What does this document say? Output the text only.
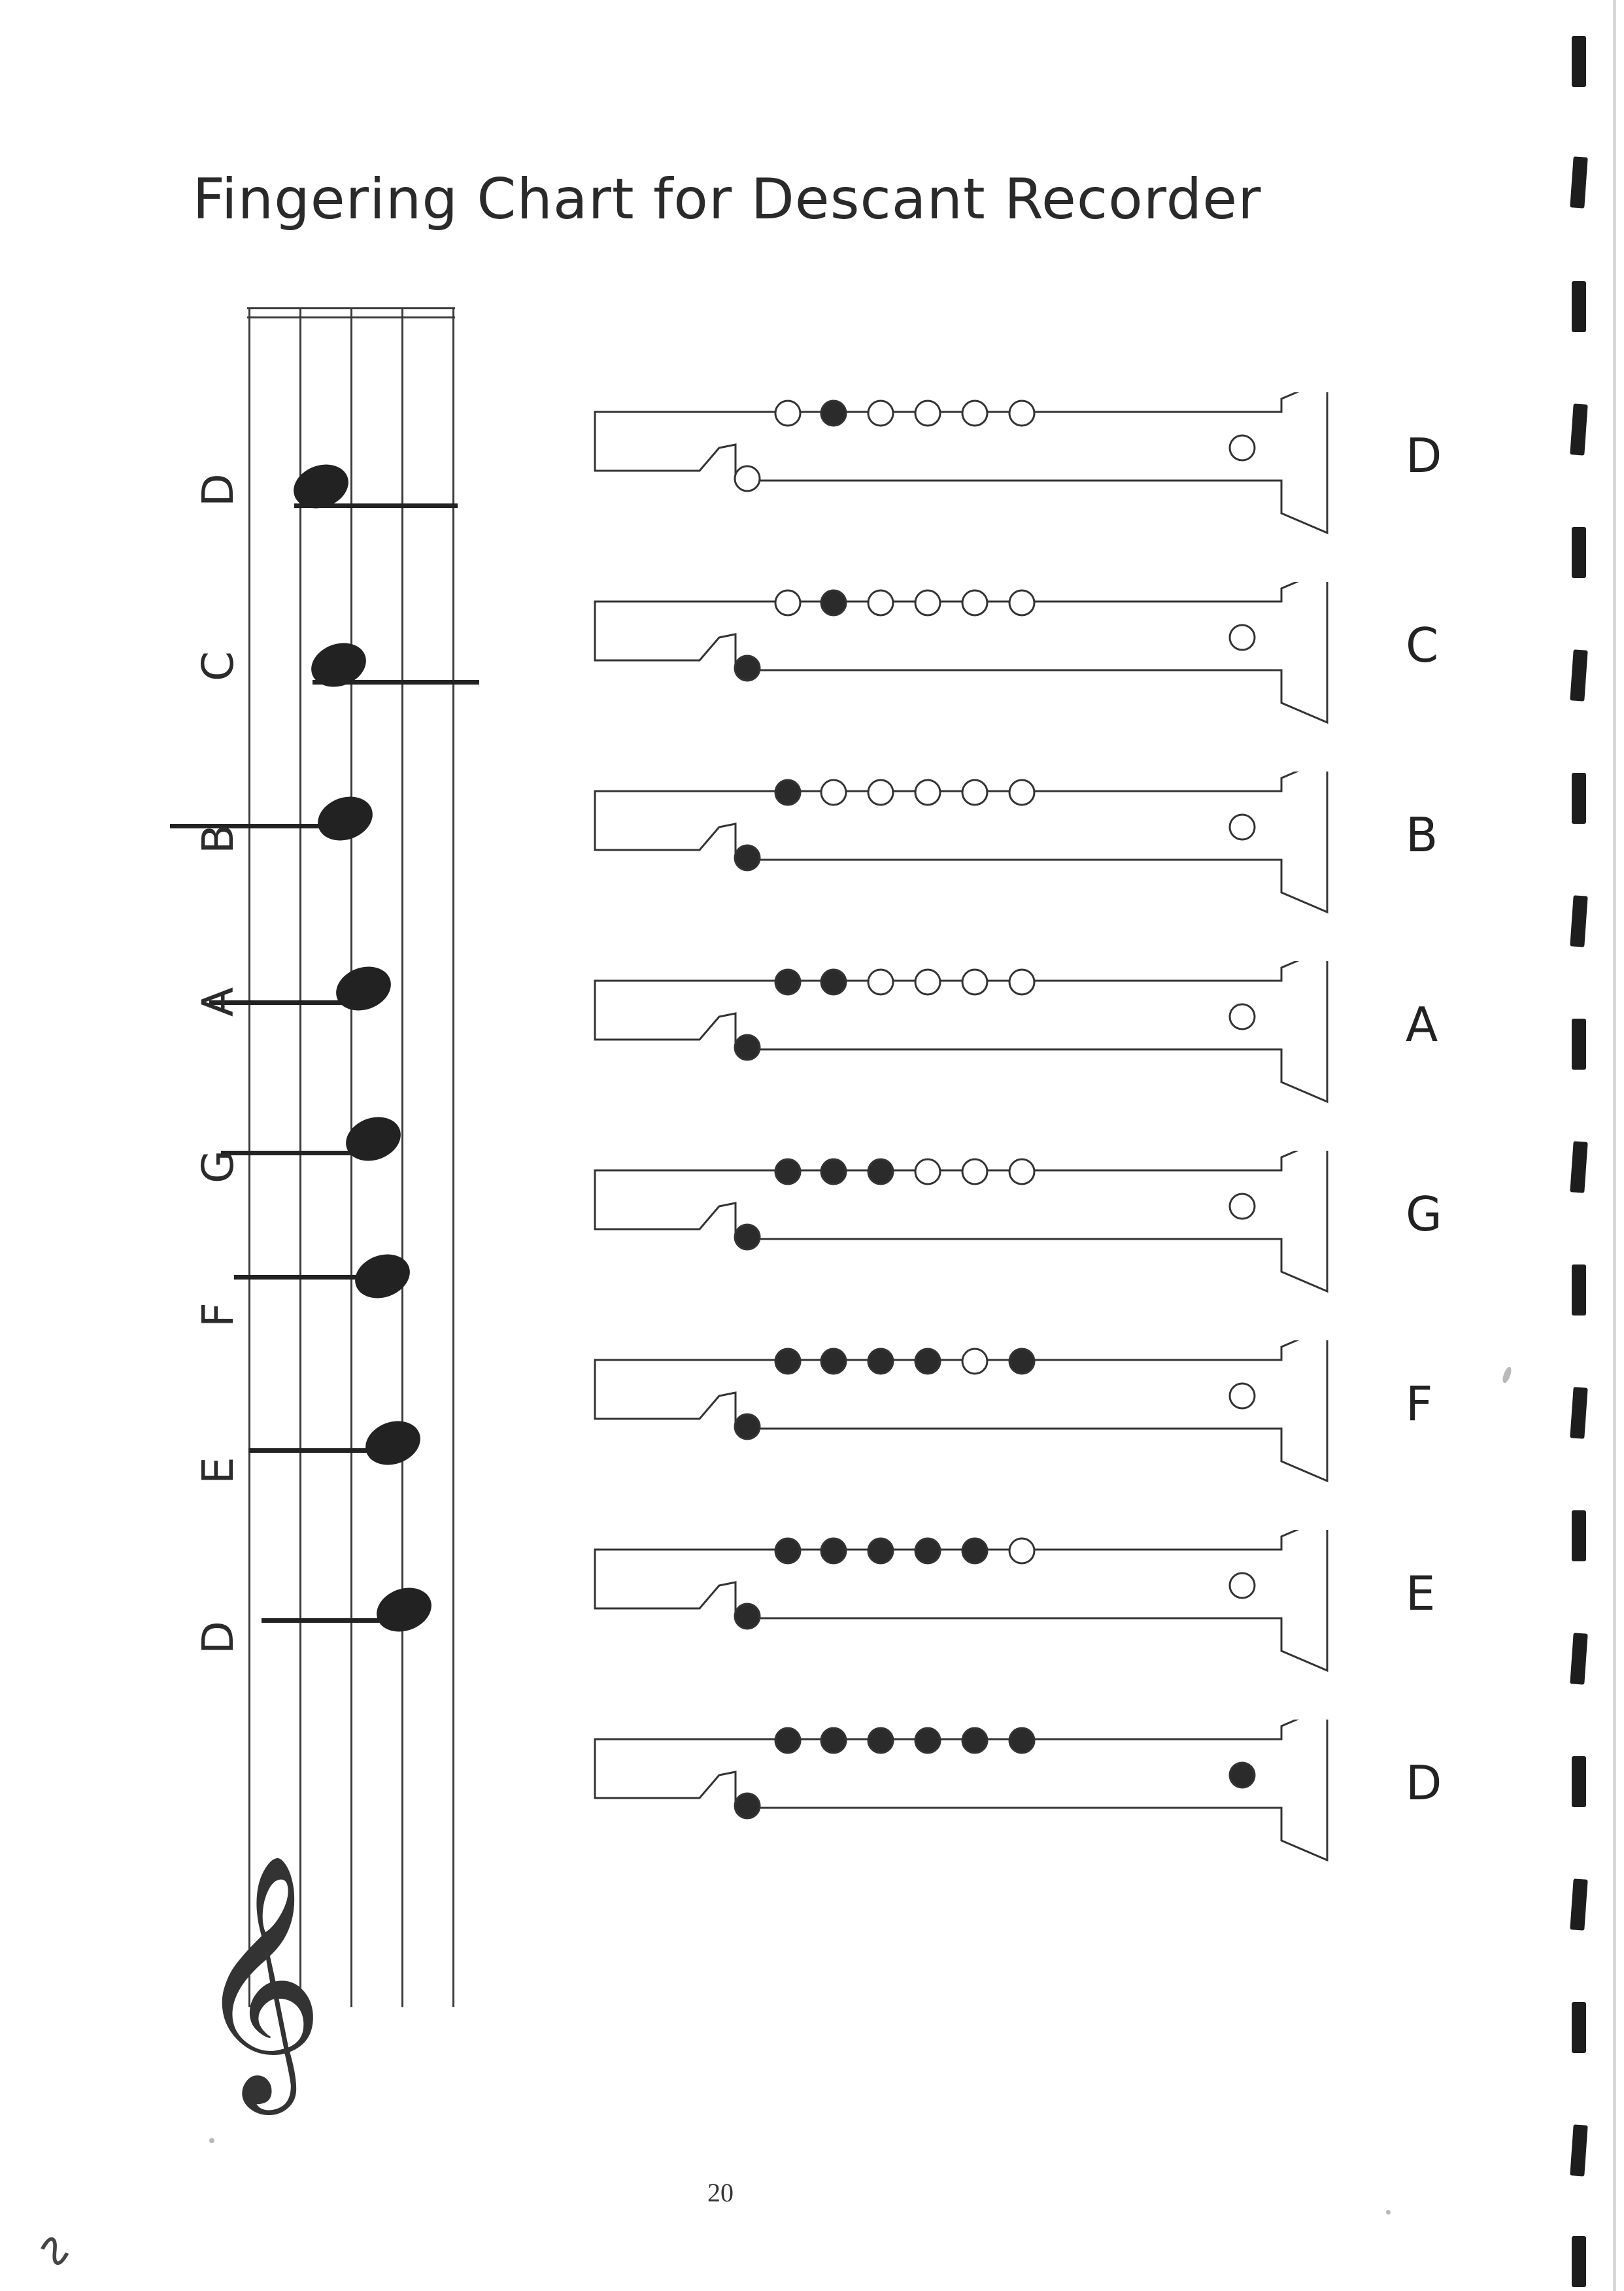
Fingering Chart for Descant Recorder
D
C
B
A
G
F
E
D
𝄞
D
C
B
A
G
F
E
D
20
∿
